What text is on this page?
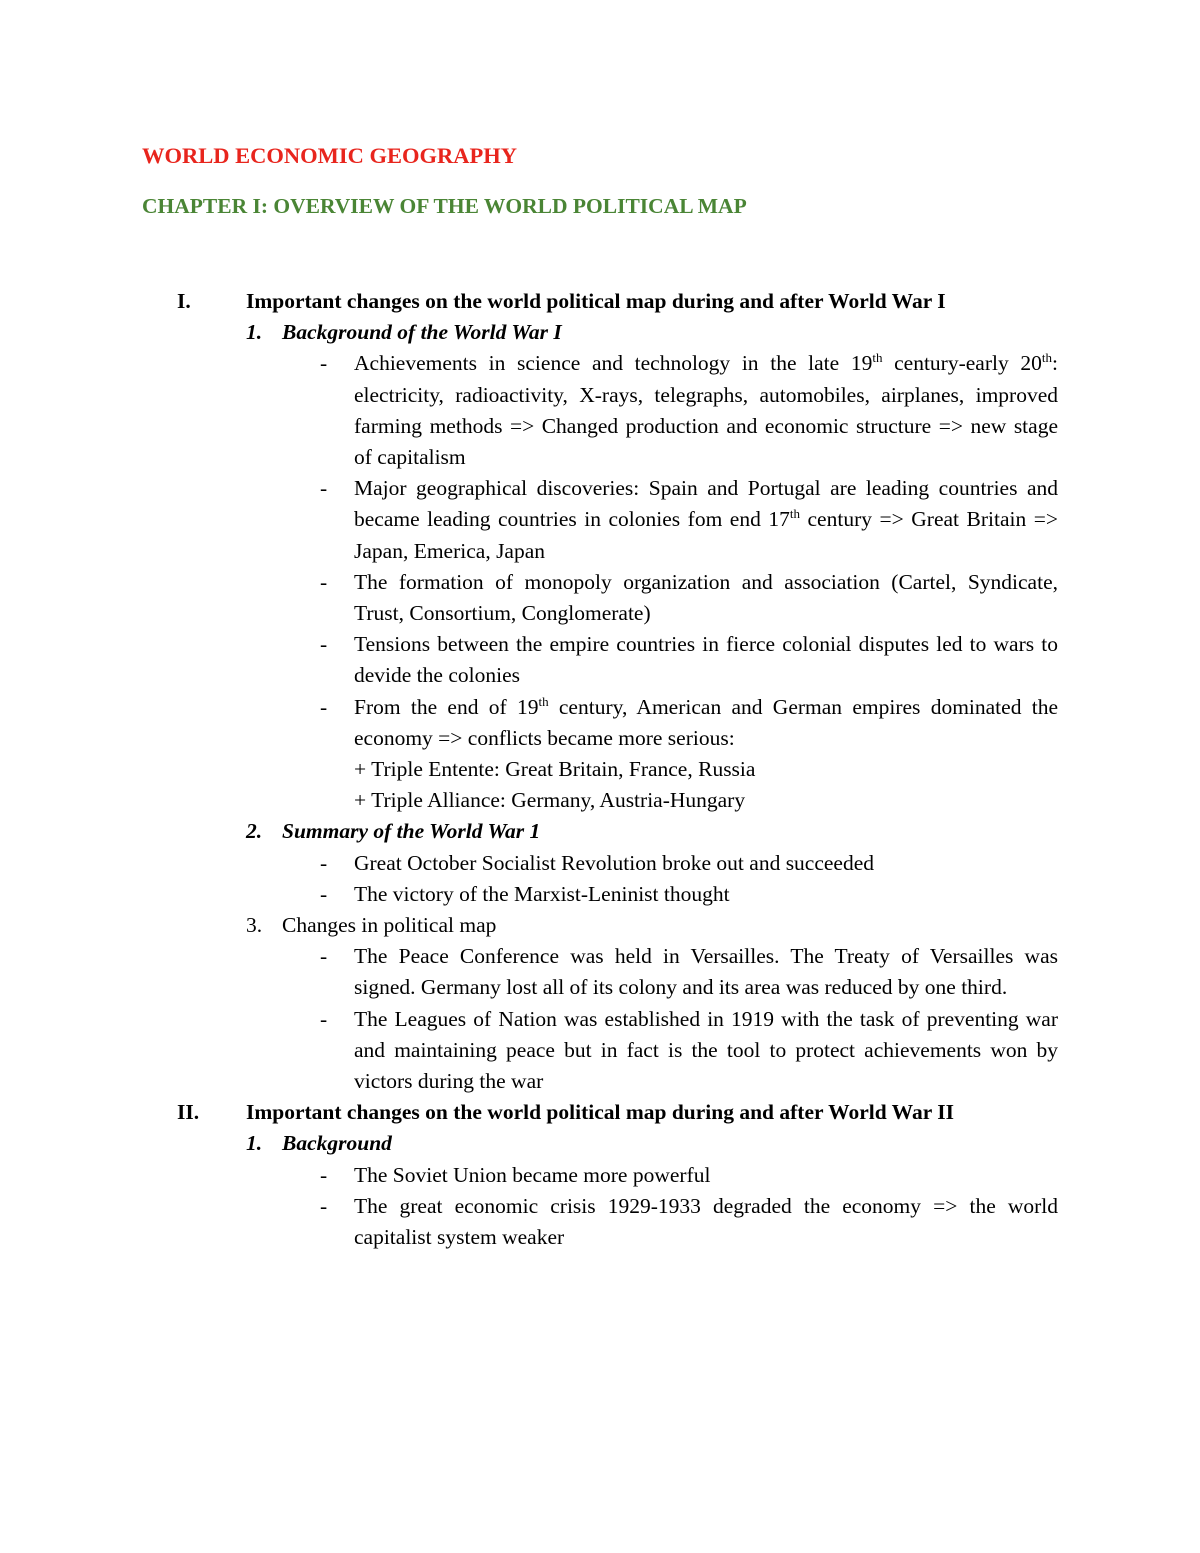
WORLD ECONOMIC GEOGRAPHY
CHAPTER I: OVERVIEW OF THE WORLD POLITICAL MAP
I.	Important changes on the world political map during and after World War I
1. Background of the World War I
- Achievements in science and technology in the late 19th century-early 20th: electricity, radioactivity, X-rays, telegraphs, automobiles, airplanes, improved farming methods => Changed production and economic structure => new stage of capitalism
- Major geographical discoveries: Spain and Portugal are leading countries and became leading countries in colonies fom end 17th century => Great Britain => Japan, Emerica, Japan
- The formation of monopoly organization and association (Cartel, Syndicate, Trust, Consortium, Conglomerate)
- Tensions between the empire countries in fierce colonial disputes led to wars to devide the colonies
- From the end of 19th century, American and German empires dominated the economy => conflicts became more serious:
+ Triple Entente: Great Britain, France, Russia
+ Triple Alliance: Germany, Austria-Hungary
2. Summary of the World War 1
- Great October Socialist Revolution broke out and succeeded
- The victory of the Marxist-Leninist thought
3. Changes in political map
- The Peace Conference was held in Versailles. The Treaty of Versailles was signed. Germany lost all of its colony and its area was reduced by one third.
- The Leagues of Nation was established in 1919 with the task of preventing war and maintaining peace but in fact is the tool to protect achievements won by victors during the war
II. Important changes on the world political map during and after World War II
1. Background
- The Soviet Union became more powerful
- The great economic crisis 1929-1933 degraded the economy => the world capitalist system weaker
